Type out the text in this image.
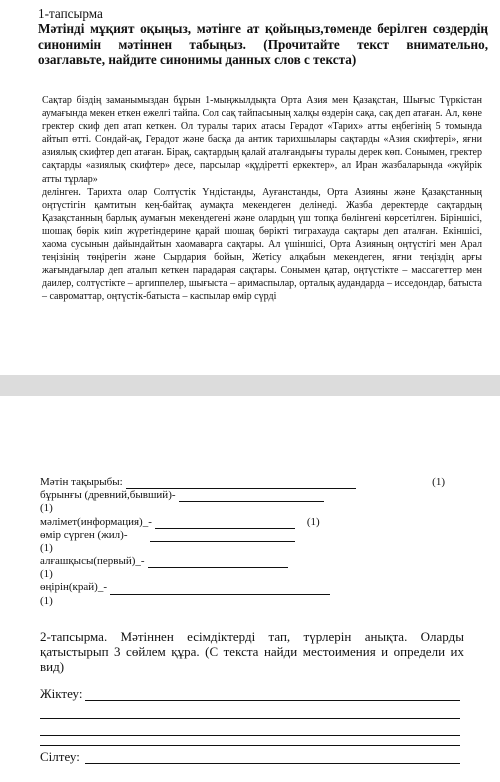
1-тапсырма
Мәтінді мұқият оқыңыз, мәтінге ат қойыңыз,төменде берілген сөздердің синонимін мәтіннен табыңыз. (Прочитайте текст внимательно, озаглавьте, найдите синонимы данных слов с текста)

Сақтар біздің заманымыздан бұрын 1-мыңжылдықта Орта Азия мен Қазақстан, Шығыс Түркістан аумағында мекен еткен ежелгі тайпа. Сол сақ тайпасының халқы өздерін сақа, сақ деп атаған. Ал, көне гректер скиф деп атап кеткен. Ол туралы тарих атасы Герадот «Тарих» атты еңбегінің 5 томында айтып өтті. Сондай-ақ, Герадот және басқа да антик тарихшылары сақтарды «Азия скифтері», яғни азиялық скифтер деп атаған. Бірақ, сақтардың қалай аталғандығы туралы дерек көп. Сонымен, гректер сақтарды «азиялық скифтер» десе, парсылар «құдіретті еркектер», ал Иран жазбаларында «жүйрік атты тұрлар»
делінген. Тарихта олар Солтүстік Үндістанды, Ауғанстанды, Орта Азияны және Қазақстанның оңтүстігін қамтитын кең-байтақ аумақта мекендеген делінеді. Жазба деректерде сақтардың Қазақстанның барлық аумағын мекендегені және олардың үш топқа бөлінгені көрсетілген. Біріншісі, шошақ бөрік киіп жүретіндерине қарай шошақ бөрікті тиграхауда сақтары деп аталған. Екіншісі, хаома сусынын дайындайтын хаомаварга сақтары. Ал үшіншісі, Орта Азияның оңтүстігі мен Арал теңізінің төңірегін және Сырдария бойын, Жетісу алқабын мекендеген, яғни теңіздің арғы жағындағылар деп аталып кеткен парадарая сақтары. Сонымен қатар, оңтүстікте – массагеттер мен даилер, солтүстікте – аргиппелер, шығыста – аримаспылар, орталық аудандарда – исседондар, батыста – савроматтар, оңтүстік-батыста – каспылар өмір сүрді

Мәтін тақырыбы:	(1)
бұрынғы (древний,бывший)-
(1)
мәлімет(информация)_-	(1)
өмір сүрген (жил)-
(1)
алғашқысы(первый)_-
(1)
өңірін(край)_-
(1)
2-тапсырма. Мәтіннен есімдіктерді тап, түрлерін анықта. Оларды қатыстырып 3 сөйлем құра. (С текста найди местоимения и определи их вид)
Жіктеу:
Сілтеу:
